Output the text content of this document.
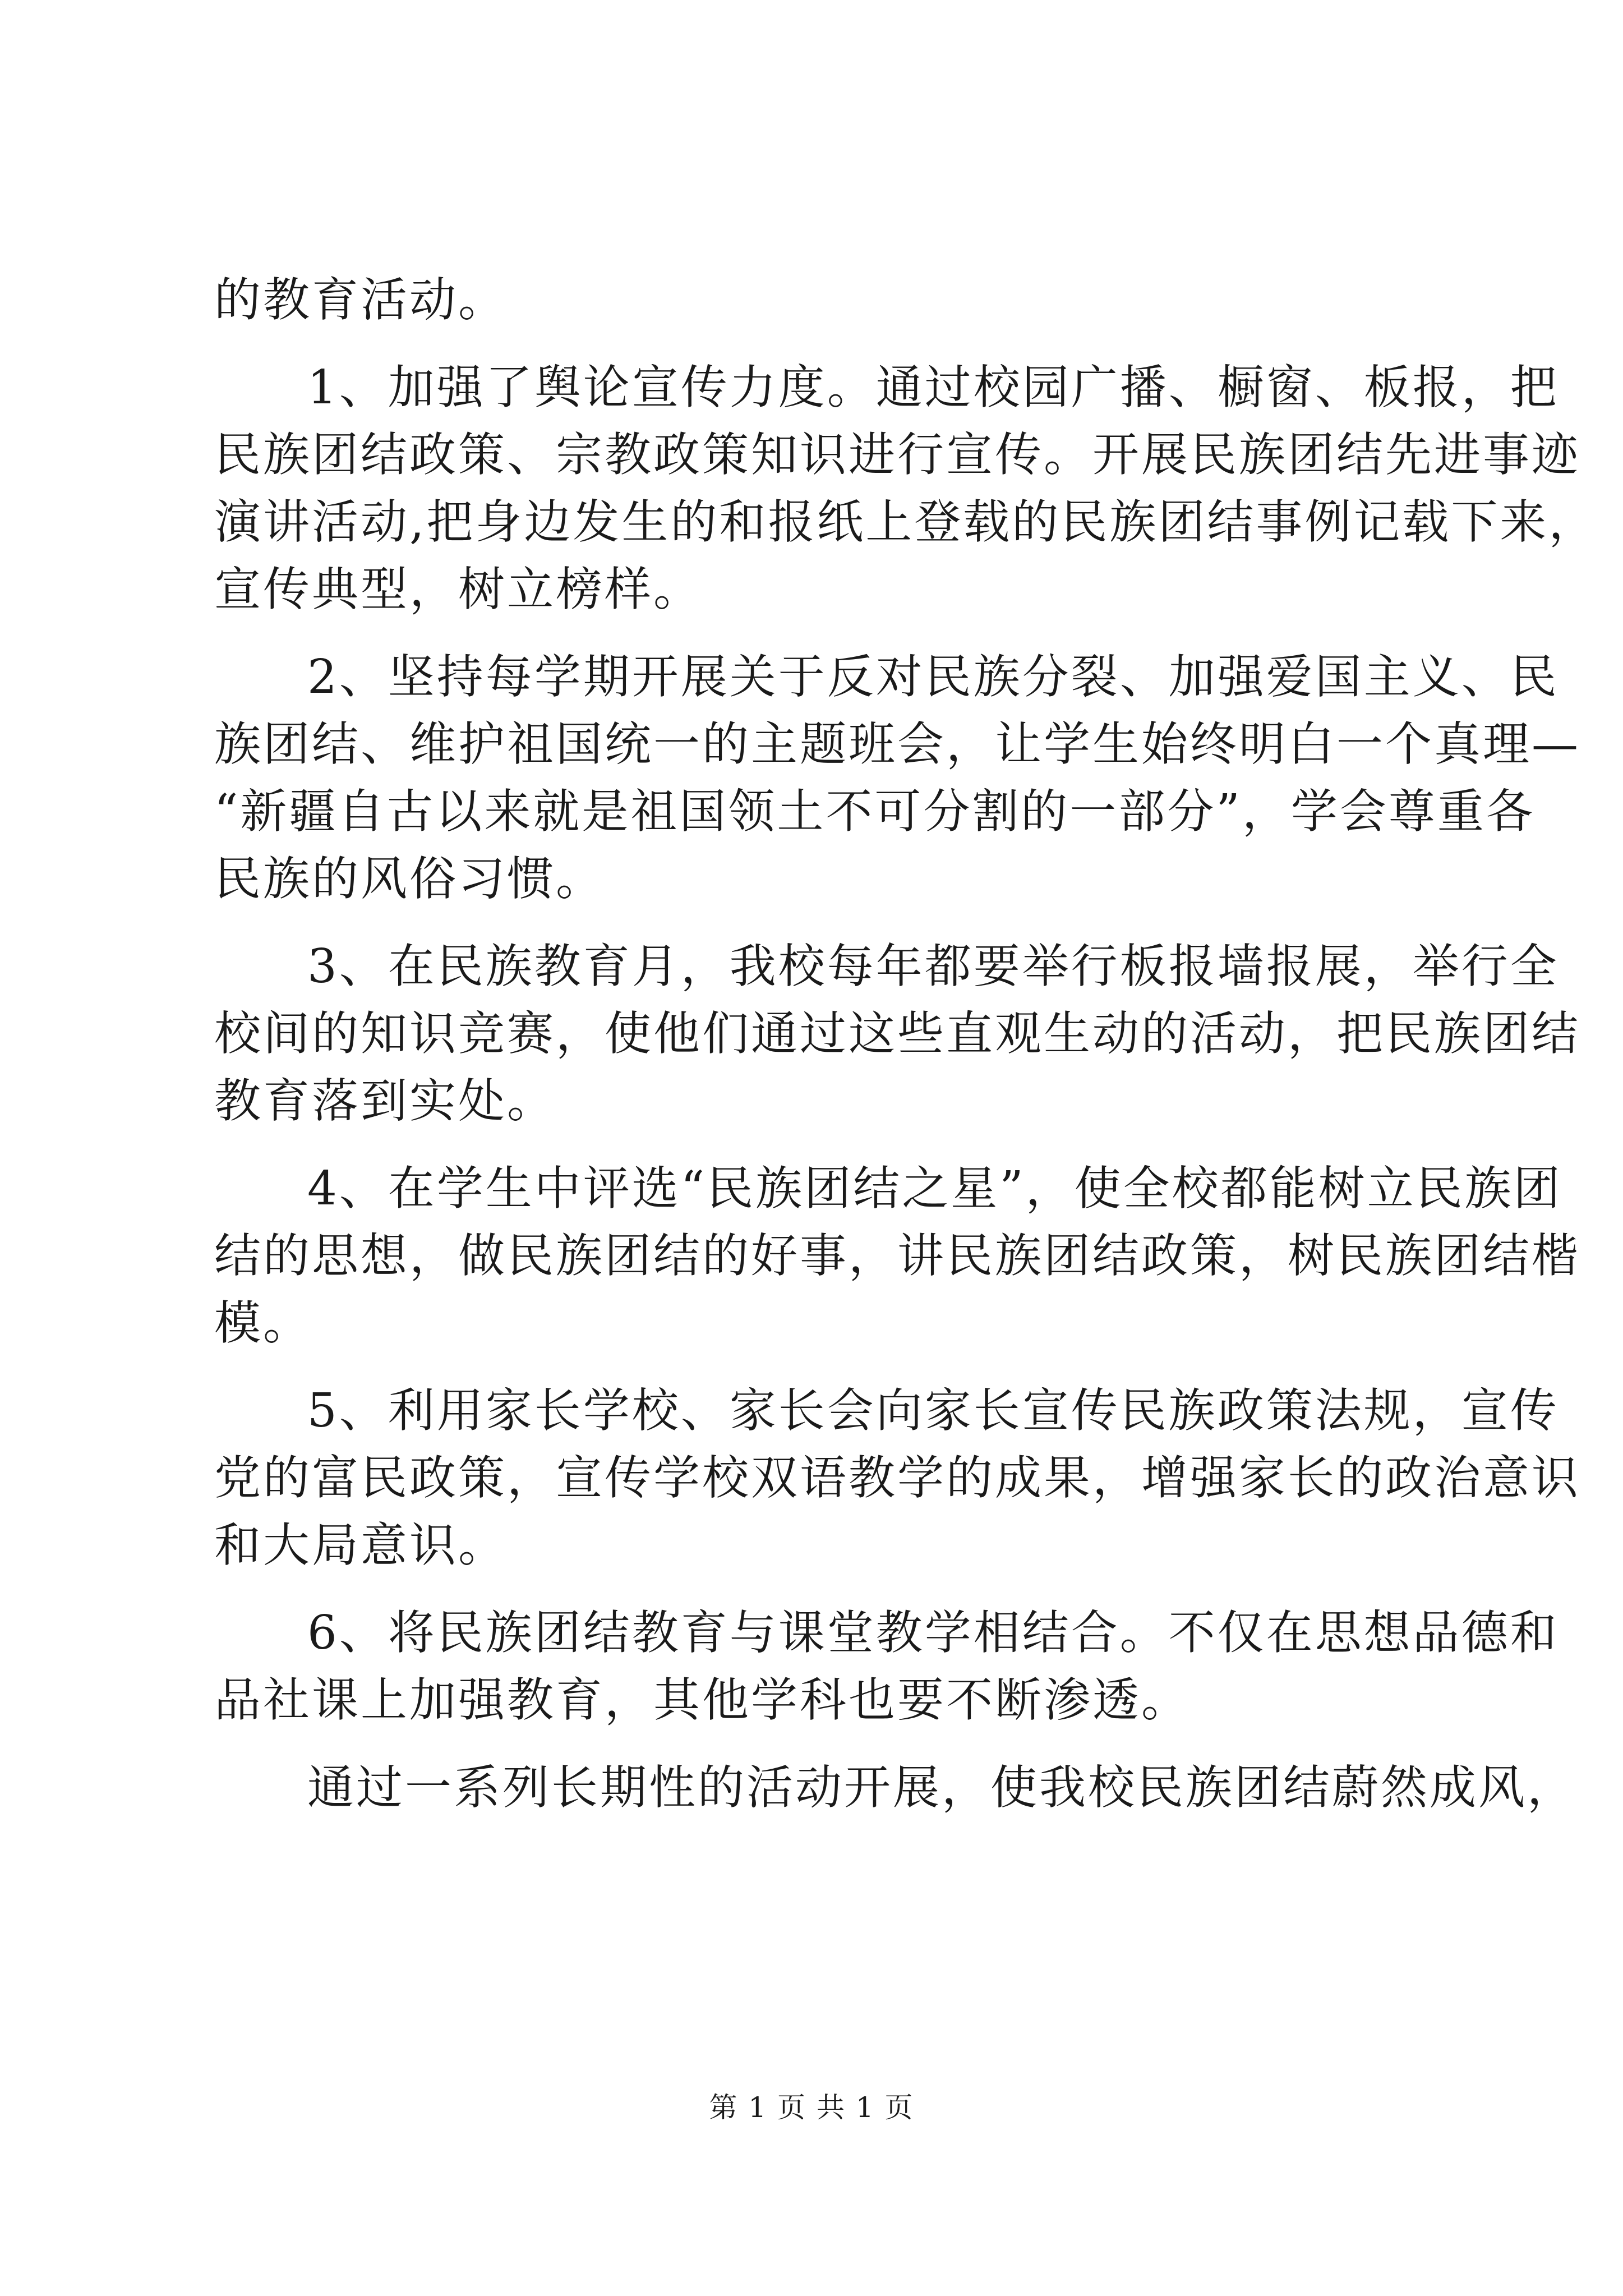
的教育活动。

1、加强了舆论宣传力度。通过校园广播、橱窗、板报，把

民族团结政策、宗教政策知识进行宣传。开展民族团结先进事迹

演讲活动,把身边发生的和报纸上登载的民族团结事例记载下来，

宣传典型，树立榜样。

2、坚持每学期开展关于反对民族分裂、加强爱国主义、民

族团结、维护祖国统一的主题班会，让学生始终明白一个真理—

“新疆自古以来就是祖国领土不可分割的一部分”，学会尊重各

民族的风俗习惯。

3、在民族教育月，我校每年都要举行板报墙报展，举行全

校间的知识竞赛，使他们通过这些直观生动的活动，把民族团结

教育落到实处。

4、在学生中评选“民族团结之星”，使全校都能树立民族团

结的思想，做民族团结的好事，讲民族团结政策，树民族团结楷

模。

5、利用家长学校、家长会向家长宣传民族政策法规，宣传

党的富民政策，宣传学校双语教学的成果，增强家长的政治意识

和大局意识。

6、将民族团结教育与课堂教学相结合。不仅在思想品德和

品社课上加强教育，其他学科也要不断渗透。

通过一系列长期性的活动开展，使我校民族团结蔚然成风，

第 1 页 共 1 页
